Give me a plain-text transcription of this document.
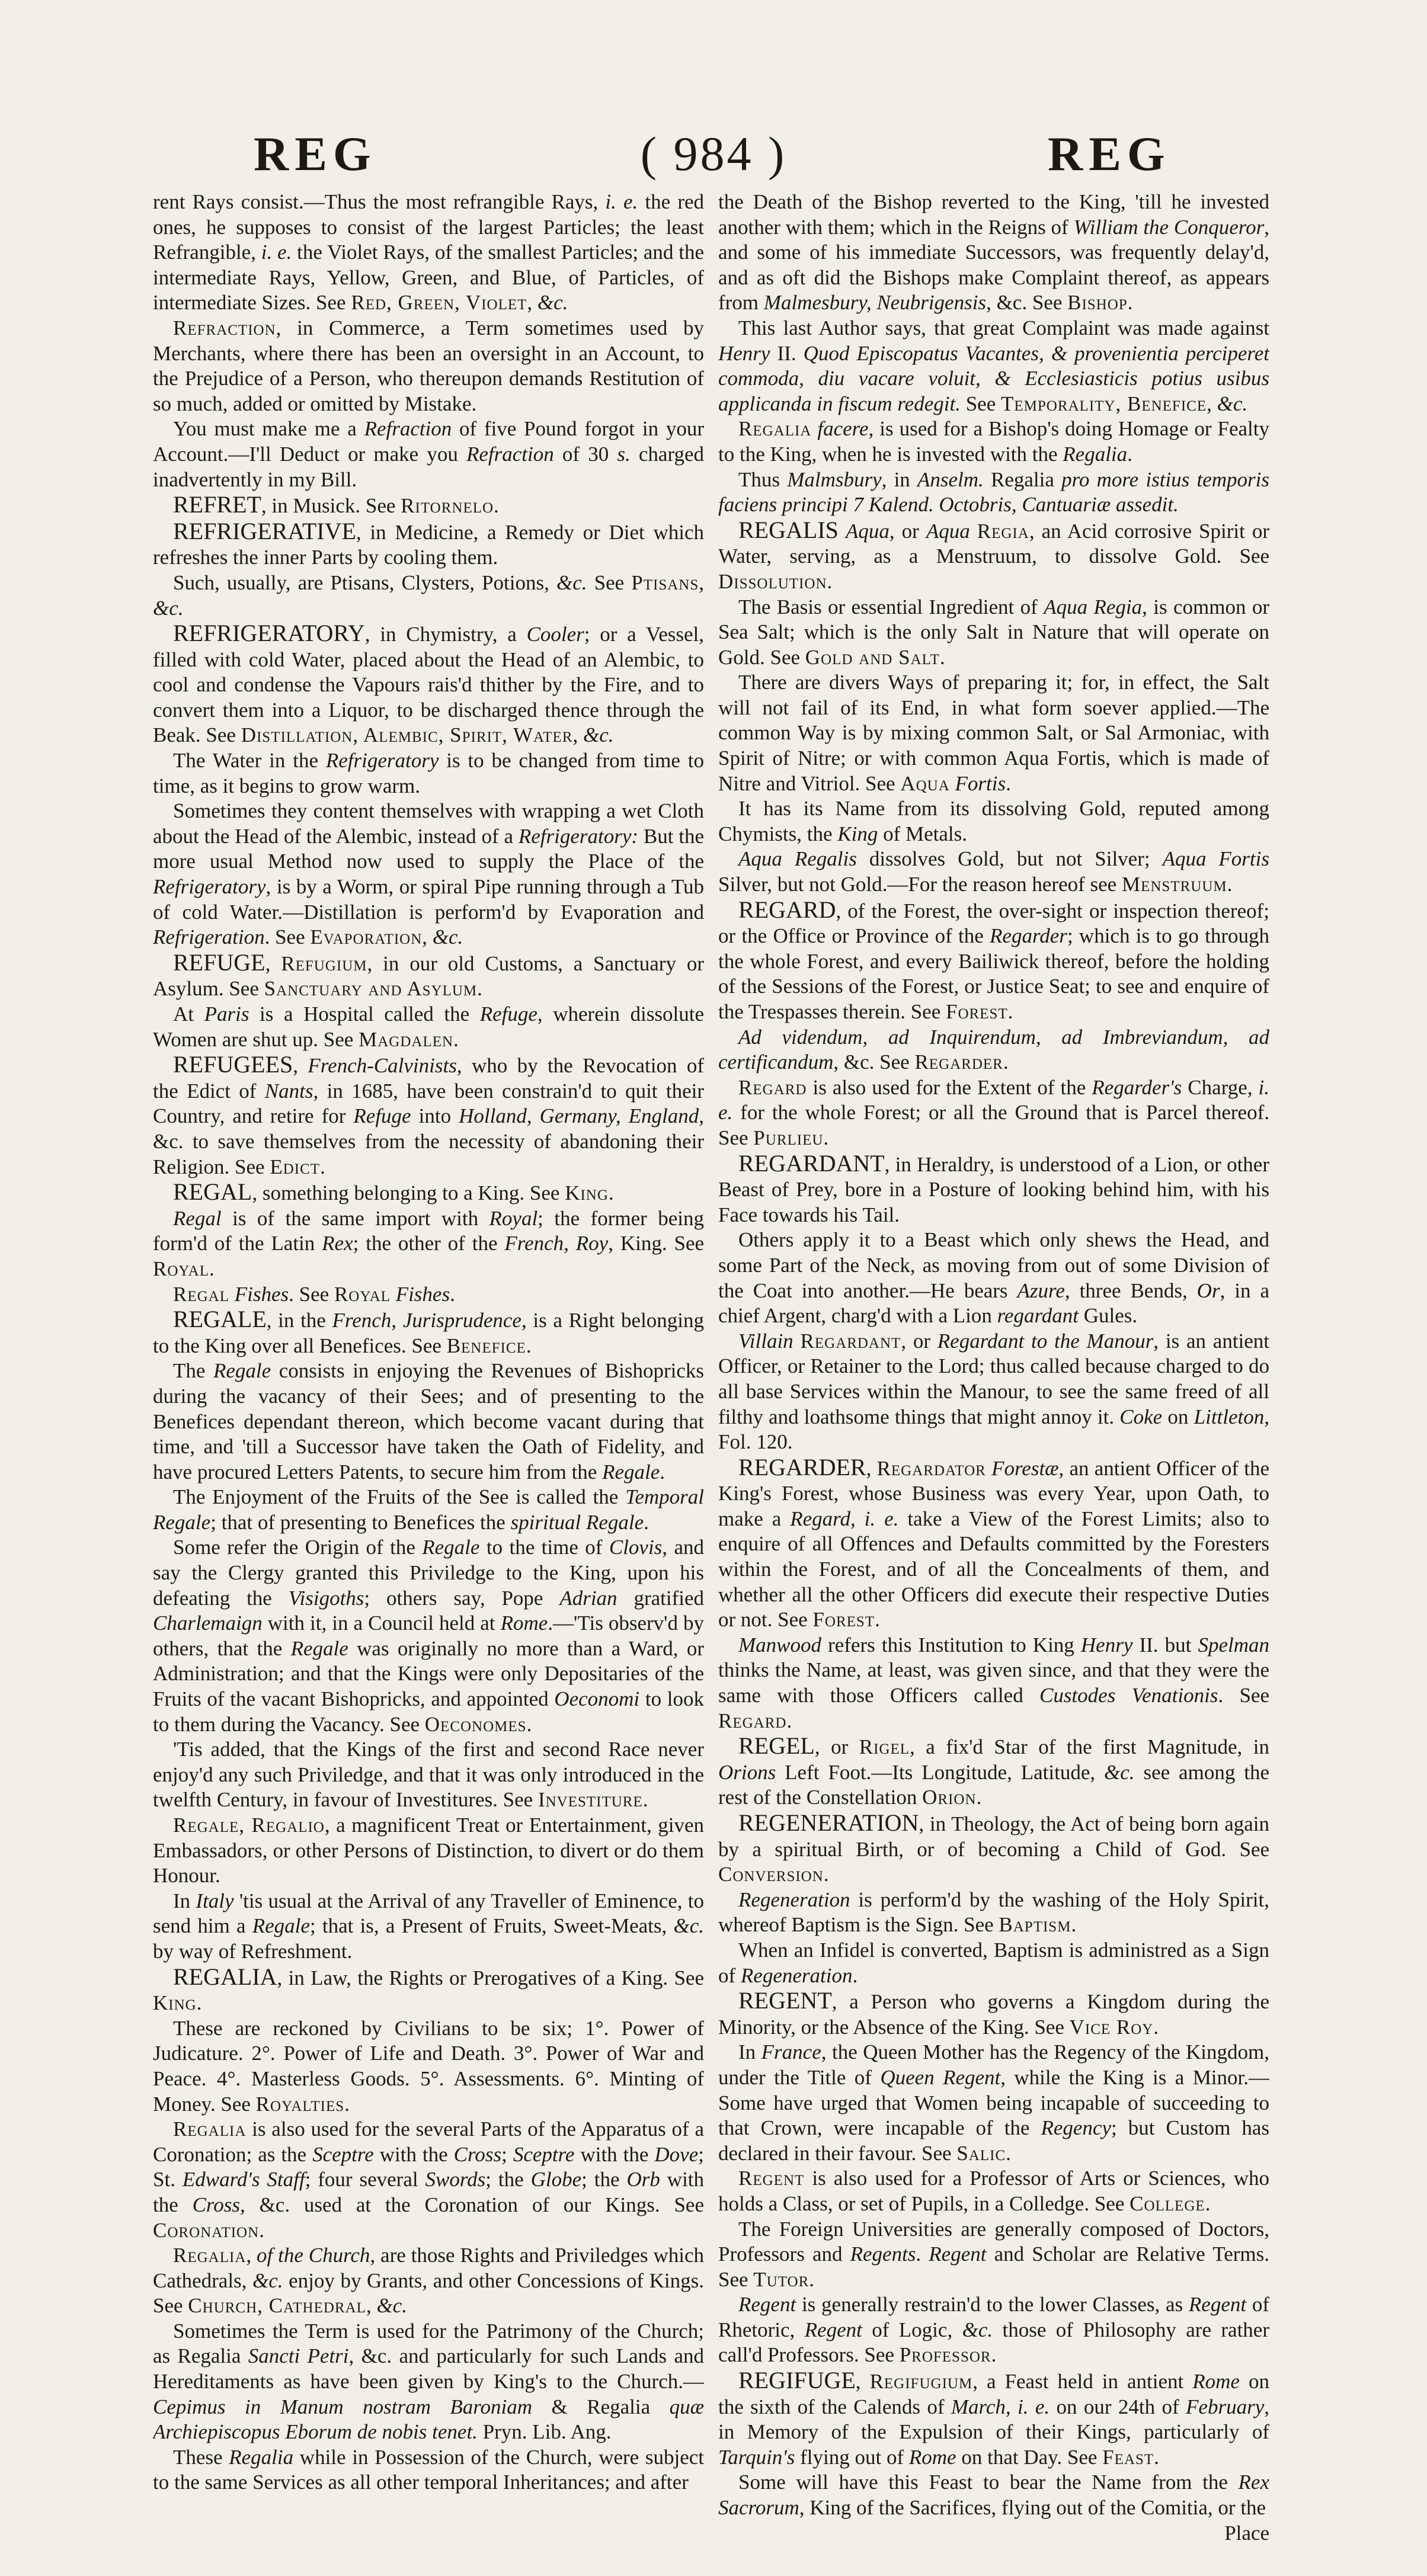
REG	( 984 )	REG

rent Rays consist.—Thus the most refrangible Rays, i. e. the red ones, he supposes to consist of the largest Particles; the least Refrangible, i. e. the Violet Rays, of the smallest Particles; and the intermediate Rays, Yellow, Green, and Blue, of Particles, of intermediate Sizes. See Red, Green, Violet, &c.

Refraction, in Commerce, a Term sometimes used by Merchants, where there has been an oversight in an Account, to the Prejudice of a Person, who thereupon demands Restitution of so much, added or omitted by Mistake.

You must make me a Refraction of five Pound forgot in your Account.—I'll Deduct or make you Refraction of 30 s. charged inadvertently in my Bill.

REFRET, in Musick. See Ritornelo.

REFRIGERATIVE, in Medicine, a Remedy or Diet which refreshes the inner Parts by cooling them.

Such, usually, are Ptisans, Clysters, Potions, &c. See Ptisans, &c.

REFRIGERATORY, in Chymistry, a Cooler; or a Vessel, filled with cold Water, placed about the Head of an Alembic, to cool and condense the Vapours rais'd thither by the Fire, and to convert them into a Liquor, to be discharged thence through the Beak. See Distillation, Alembic, Spirit, Water, &c.

The Water in the Refrigeratory is to be changed from time to time, as it begins to grow warm.

Sometimes they content themselves with wrapping a wet Cloth about the Head of the Alembic, instead of a Refrigeratory: But the more usual Method now used to supply the Place of the Refrigeratory, is by a Worm, or spiral Pipe running through a Tub of cold Water.—Distillation is perform'd by Evaporation and Refrigeration. See Evaporation, &c.

REFUGE, Refugium, in our old Customs, a Sanctuary or Asylum. See Sanctuary and Asylum.

At Paris is a Hospital called the Refuge, wherein dissolute Women are shut up. See Magdalen.

REFUGEES, French-Calvinists, who by the Revocation of the Edict of Nants, in 1685, have been constrain'd to quit their Country, and retire for Refuge into Holland, Germany, England, &c. to save themselves from the necessity of abandoning their Religion. See Edict.

REGAL, something belonging to a King. See King.

Regal is of the same import with Royal; the former being form'd of the Latin Rex; the other of the French, Roy, King. See Royal.

Regal Fishes. See Royal Fishes.

REGALE, in the French, Jurisprudence, is a Right belonging to the King over all Benefices. See Benefice.

The Regale consists in enjoying the Revenues of Bishopricks during the vacancy of their Sees; and of presenting to the Benefices dependant thereon, which become vacant during that time, and 'till a Successor have taken the Oath of Fidelity, and have procured Letters Patents, to secure him from the Regale.

The Enjoyment of the Fruits of the See is called the Temporal Regale; that of presenting to Benefices the spiritual Regale.

Some refer the Origin of the Regale to the time of Clovis, and say the Clergy granted this Priviledge to the King, upon his defeating the Visigoths; others say, Pope Adrian gratified Charlemaign with it, in a Council held at Rome.—'Tis observ'd by others, that the Regale was originally no more than a Ward, or Administration; and that the Kings were only Depositaries of the Fruits of the vacant Bishopricks, and appointed Oeconomi to look to them during the Vacancy. See Oeconomes.

'Tis added, that the Kings of the first and second Race never enjoy'd any such Priviledge, and that it was only introduced in the twelfth Century, in favour of Investitures. See Investiture.

Regale, Regalio, a magnificent Treat or Entertainment, given Embassadors, or other Persons of Distinction, to divert or do them Honour.

In Italy 'tis usual at the Arrival of any Traveller of Eminence, to send him a Regale; that is, a Present of Fruits, Sweet-Meats, &c. by way of Refreshment.

REGALIA, in Law, the Rights or Prerogatives of a King. See King.

These are reckoned by Civilians to be six; 1°. Power of Judicature. 2°. Power of Life and Death. 3°. Power of War and Peace. 4°. Masterless Goods. 5°. Assessments. 6°. Minting of Money. See Royalties.

Regalia is also used for the several Parts of the Apparatus of a Coronation; as the Sceptre with the Cross; Sceptre with the Dove; St. Edward's Staff; four several Swords; the Globe; the Orb with the Cross, &c. used at the Coronation of our Kings. See Coronation.

Regalia, of the Church, are those Rights and Priviledges which Cathedrals, &c. enjoy by Grants, and other Concessions of Kings. See Church, Cathedral, &c.

Sometimes the Term is used for the Patrimony of the Church; as Regalia Sancti Petri, &c. and particularly for such Lands and Hereditaments as have been given by King's to the Church.—Cepimus in Manum nostram Baroniam & Regalia quæ Archiepiscopus Eborum de nobis tenet. Pryn. Lib. Ang.

These Regalia while in Possession of the Church, were subject to the same Services as all other temporal Inheritances; and after

the Death of the Bishop reverted to the King, 'till he invested another with them; which in the Reigns of William the Conqueror, and some of his immediate Successors, was frequently delay'd, and as oft did the Bishops make Complaint thereof, as appears from Malmesbury, Neubrigensis, &c. See Bishop.

This last Author says, that great Complaint was made against Henry II. Quod Episcopatus Vacantes, & provenientia perciperet commoda, diu vacare voluit, & Ecclesiasticis potius usibus applicanda in fiscum redegit. See Temporality, Benefice, &c.

Regalia facere, is used for a Bishop's doing Homage or Fealty to the King, when he is invested with the Regalia.

Thus Malmsbury, in Anselm. Regalia pro more istius temporis faciens principi 7 Kalend. Octobris, Cantuariæ assedit.

REGALIS Aqua, or Aqua Regia, an Acid corrosive Spirit or Water, serving, as a Menstruum, to dissolve Gold. See Dissolution.

The Basis or essential Ingredient of Aqua Regia, is common or Sea Salt; which is the only Salt in Nature that will operate on Gold. See Gold and Salt.

There are divers Ways of preparing it; for, in effect, the Salt will not fail of its End, in what form soever applied.—The common Way is by mixing common Salt, or Sal Armoniac, with Spirit of Nitre; or with common Aqua Fortis, which is made of Nitre and Vitriol. See Aqua Fortis.

It has its Name from its dissolving Gold, reputed among Chymists, the King of Metals.

Aqua Regalis dissolves Gold, but not Silver; Aqua Fortis Silver, but not Gold.—For the reason hereof see Menstruum.

REGARD, of the Forest, the over-sight or inspection thereof; or the Office or Province of the Regarder; which is to go through the whole Forest, and every Bailiwick thereof, before the holding of the Sessions of the Forest, or Justice Seat; to see and enquire of the Trespasses therein. See Forest.

Ad videndum, ad Inquirendum, ad Imbreviandum, ad certificandum, &c. See Regarder.

Regard is also used for the Extent of the Regarder's Charge, i. e. for the whole Forest; or all the Ground that is Parcel thereof. See Purlieu.

REGARDANT, in Heraldry, is understood of a Lion, or other Beast of Prey, bore in a Posture of looking behind him, with his Face towards his Tail.

Others apply it to a Beast which only shews the Head, and some Part of the Neck, as moving from out of some Division of the Coat into another.—He bears Azure, three Bends, Or, in a chief Argent, charg'd with a Lion regardant Gules.

Villain Regardant, or Regardant to the Manour, is an antient Officer, or Retainer to the Lord; thus called because charged to do all base Services within the Manour, to see the same freed of all filthy and loathsome things that might annoy it. Coke on Littleton, Fol. 120.

REGARDER, Regardator Forestæ, an antient Officer of the King's Forest, whose Business was every Year, upon Oath, to make a Regard, i. e. take a View of the Forest Limits; also to enquire of all Offences and Defaults committed by the Foresters within the Forest, and of all the Concealments of them, and whether all the other Officers did execute their respective Duties or not. See Forest.

Manwood refers this Institution to King Henry II. but Spelman thinks the Name, at least, was given since, and that they were the same with those Officers called Custodes Venationis. See Regard.

REGEL, or Rigel, a fix'd Star of the first Magnitude, in Orions Left Foot.—Its Longitude, Latitude, &c. see among the rest of the Constellation Orion.

REGENERATION, in Theology, the Act of being born again by a spiritual Birth, or of becoming a Child of God. See Conversion.

Regeneration is perform'd by the washing of the Holy Spirit, whereof Baptism is the Sign. See Baptism.

When an Infidel is converted, Baptism is administred as a Sign of Regeneration.

REGENT, a Person who governs a Kingdom during the Minority, or the Absence of the King. See Vice Roy.

In France, the Queen Mother has the Regency of the Kingdom, under the Title of Queen Regent, while the King is a Minor.—Some have urged that Women being incapable of succeeding to that Crown, were incapable of the Regency; but Custom has declared in their favour. See Salic.

Regent is also used for a Professor of Arts or Sciences, who holds a Class, or set of Pupils, in a Colledge. See College.

The Foreign Universities are generally composed of Doctors, Professors and Regents. Regent and Scholar are Relative Terms. See Tutor.

Regent is generally restrain'd to the lower Classes, as Regent of Rhetoric, Regent of Logic, &c. those of Philosophy are rather call'd Professors. See Professor.

REGIFUGE, Regifugium, a Feast held in antient Rome on the sixth of the Calends of March, i. e. on our 24th of February, in Memory of the Expulsion of their Kings, particularly of Tarquin's flying out of Rome on that Day. See Feast.

Some will have this Feast to bear the Name from the Rex Sacrorum, King of the Sacrifices, flying out of the Comitia, or the

Place
